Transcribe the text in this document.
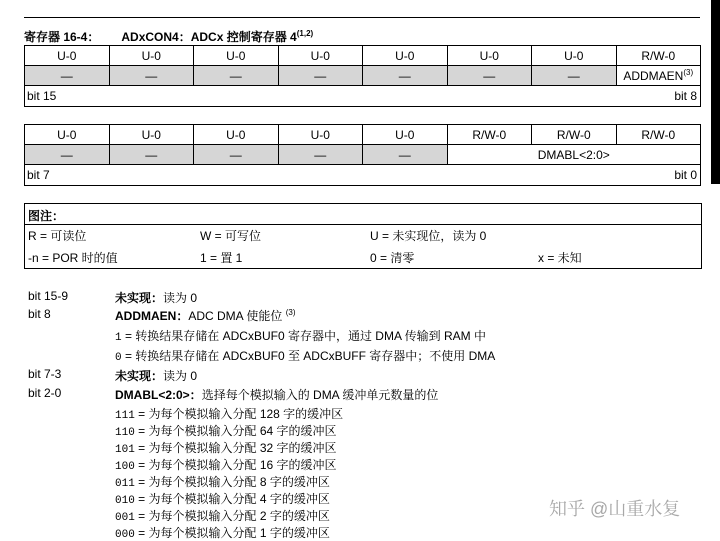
寄存器 16-4： ADxCON4：ADCx 控制寄存器 4$^{(1,2)}$
U-0	U-0	U-0	U-0	U-0	U-0	U-0	R/W-0
—	—	—	—	—	—	—	ADDMAEN$^{(3)}$
bit 15 bit 8							
U-0	U-0	U-0	U-0	U-0	R/W-0	R/W-0	R/W-0
—	—	—	—	—	DMABL<2:0>		
bit 7 bit 0							
图注：
R = 可读位	W = 可写位	U = 未实现位，读为 0
-n = POR 时的值	1 = 置 1	0 = 清零	x = 未知
bit 15-9	未实现：读为 0
bit 8	ADDMAEN：ADC DMA 使能位 $^{(3)}$
1 = 转换结果存储在 ADCxBUF0 寄存器中，通过 DMA 传输到 RAM 中
0 = 转换结果存储在 ADCxBUF0 至 ADCxBUFF 寄存器中；不使用 DMA
bit 7-3	未实现：读为 0
bit 2-0	DMABL<2:0>：选择每个模拟输入的 DMA 缓冲单元数量的位
111 = 为每个模拟输入分配 128 字的缓冲区
110 = 为每个模拟输入分配 64 字的缓冲区
101 = 为每个模拟输入分配 32 字的缓冲区
100 = 为每个模拟输入分配 16 字的缓冲区
011 = 为每个模拟输入分配 8 字的缓冲区
010 = 为每个模拟输入分配 4 字的缓冲区
001 = 为每个模拟输入分配 2 字的缓冲区
000 = 为每个模拟输入分配 1 字的缓冲区
知乎 @山重水复
